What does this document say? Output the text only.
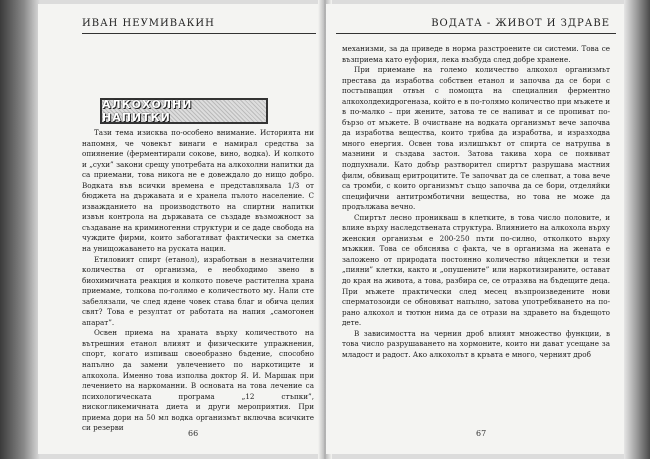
ИВАН НЕУМИВАКИН
АЛКОХОЛНИ НАПИТКИ

Тази тема изисква по-особено внимание. Историята ни напомня, че човекът винаги е намирал средства за опиянение (ферментирали сокове, вино, водка). И колкото и „сухи” закони срещу употребата на алкохолни напитки да са приемани, това никога не е довеждало до нищо добро. Водката във всички времена е представлявала 1/3 от бюджета на държавата и е хранела пълото население. С изважданието на производството на спиртни напитки извън контрола на държавата се създаде възможност за създаване на криминогенни структури и се даде свобода на чуждите фирми, които забогатяват фактически за сметка на унищожаването на руската нация.

Етиловият спирт (етанол), изработван в незначителни количества от организма, е необходимо звено в биохимичната реакция и колкото повече растителна храна приемаме, толкова по-голямо е количеството му. Нали сте забелязали, че след ядене човек става благ и обича целия свят? Това е резултат от работата на напия „самогонен апарат”.

Освен приема на храната върху количеството на вътрешния етанол влияят и физическите упражнения, спорт, когато изпиваш своеобразно бъдение, способно напълно да замени увлечението по наркотиците и алкохола. Именно това изполва доктор Я. И. Маршак при лечението на наркоманни. В основата на това лечение са психологическата програма „12 стъпки”, нискогликемичната диета и други мероприятия. При приема дори на 50 мл водка организмът включва всичките си резерви

66
ВОДАТА - ЖИВОТ И ЗДРАВЕ

механизми, за да приведе в норма разстроените си системи. Това се възприема като еуфория, лека възбуда след добре хранене.

При приемане на големо количество алкохол организмът престава да изработва собствен етанол и започва да се бори с постъпващия отвън с помощта на специалния ферментно алкохолдехидрогеназа, който е в по-голямо количество при мъжете и в по-малко – при жените, затова те се напиват и се пропиват по-бързо от мъжете. В очистване на водката организмът вече започва да изработва вещества, които трябва да изработва, и изразходва много енергия. Освен това излишъкът от спирта се натрупва в мазнини и създава застоя. Затова такива хора се появяват подпухнали. Като добър разтворител спиртът разрушава мастния филм, обвиващ еритроцитите. Те започват да се слепват, а това вече са тромби, с които организмът също започва да се бори, отделяйки специфични антитромботични вещества, но това не може да продължава вечно.

Спиртът лесно проникваш в клетките, в това число половите, и влияе върху наследствената структура. Влиянието на алкохола върху женския организъм е 200-250 пъти по-силно, отколкото върху мъжкия. Това се обяснява с факта, че в организма на жената е заложено от природата постоянно количество яйцеклетки и тези „пияни” клетки, както и „опушените” или наркотизираните, остават до края на живота, а това, разбира се, се отразява на бъдещите деца. При мъжете практически след месец възпроизведените нови сперматозоиди се обновяват напълно, затова употребяването на по-рано алкохол и тютюн нима да се отрази на здравето на бъдещото дете.

В зависимостта на черния дроб влияят множество функции, в това число разрушаването на хормоните, които ни дават усещане за младост и радост. Ако алкохолът в кръвта е много, черният дроб

67
